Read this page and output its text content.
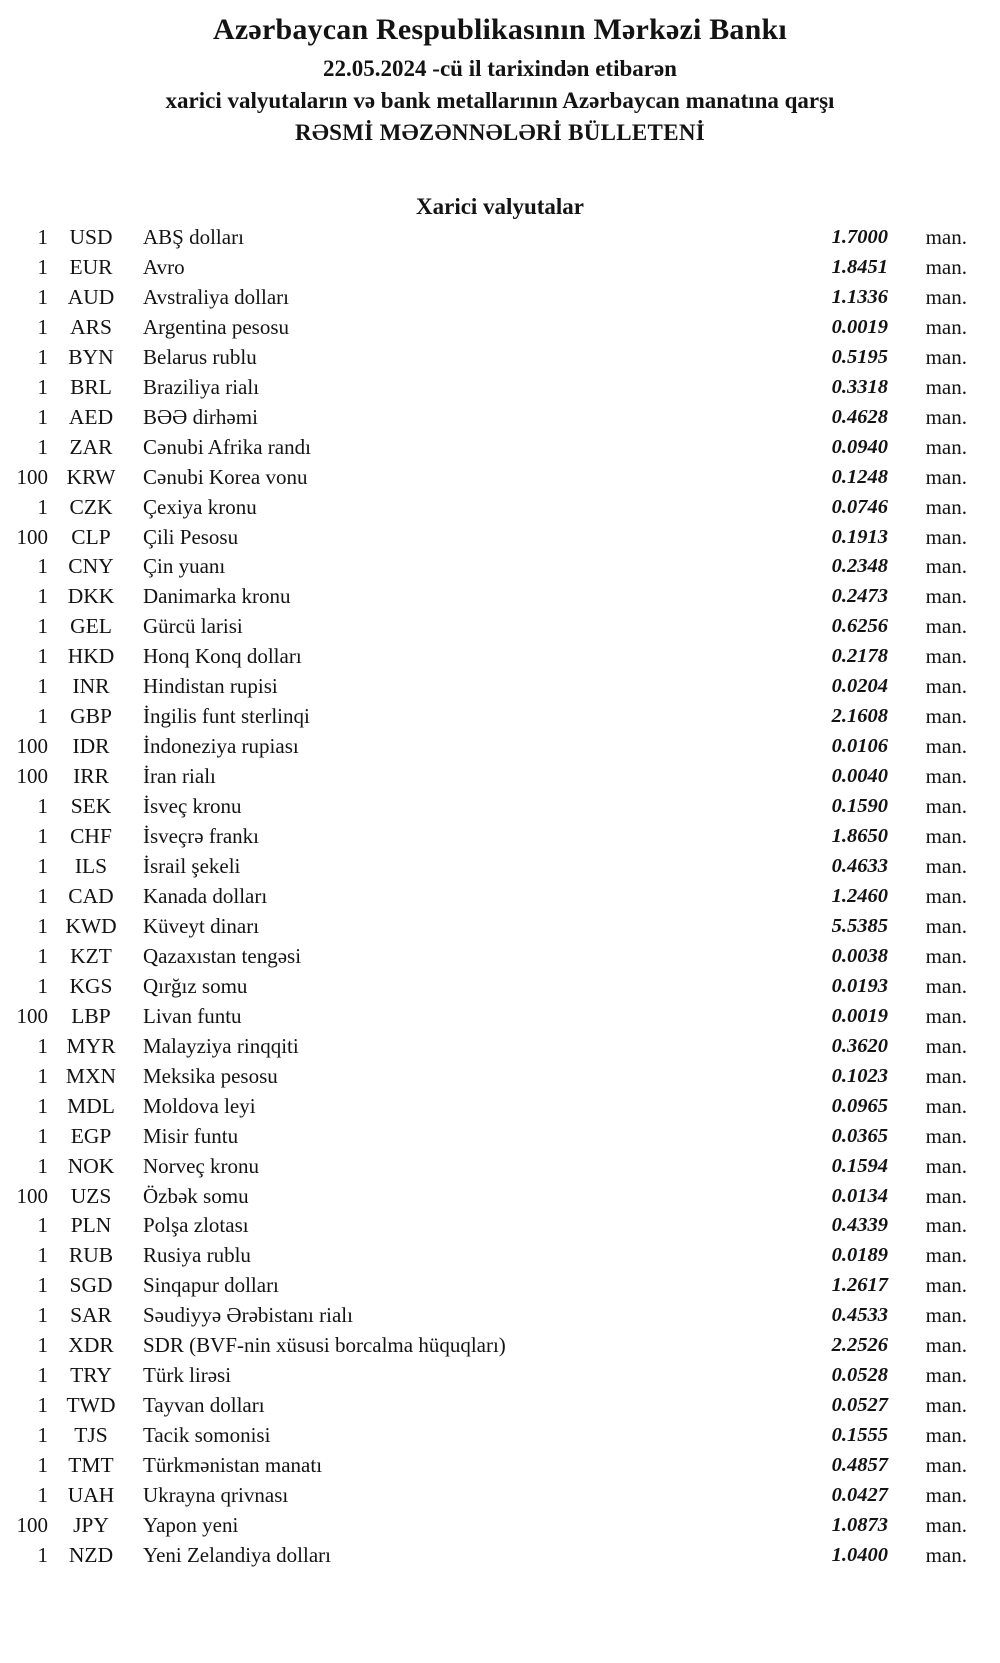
Azərbaycan Respublikasının Mərkəzi Bankı
22.05.2024 -cü il tarixindən etibarən
xarici valyutaların və bank metallarının Azərbaycan manatına qarşı
RƏSMİ MƏZƏNNƏLƏRİ BÜLLETENİ
Xarici valyutalar
1 USD	ABŞ dolları	1.7000	man.
1	EUR	Avro	1.8451	man.
1 AUD	Avstraliya dolları	1.1336	man.
1	ARS	Argentina pesosu	0.0019	man.
1 BYN	Belarus rublu	0.5195	man.
1	BRL	Braziliya rialı	0.3318	man.
1 AED	BƏƏ dirhəmi	0.4628	man.
1	ZAR	Cənubi Afrika randı	0.0940	man.
100 KRW	Cənubi Korea vonu	0.1248	man.
1	CZK	Çexiya kronu	0.0746	man.
100	CLP	Çili Pesosu	0.1913	man.
1 CNY	Çin yuanı	0.2348	man.
1 DKK	Danimarka kronu	0.2473	man.
1	GEL	Gürcü larisi	0.6256	man.
1 HKD	Honq Konq dolları	0.2178	man.
1	INR	Hindistan rupisi	0.0204	man.
1	GBP	İngilis funt sterlinqi	2.1608	man.
100	IDR	İndoneziya rupiası	0.0106	man.
100	IRR	İran rialı	0.0040	man.
1	SEK	İsveç kronu	0.1590	man.
1	CHF	İsveçrə frankı	1.8650	man.
1	ILS	İsrail şekeli	0.4633	man.
1 CAD	Kanada dolları	1.2460	man.
1 KWD	Küveyt dinarı	5.5385	man.
1	KZT	Qazaxıstan tengəsi	0.0038	man.
1 KGS	Qırğız somu	0.0193	man.
100	LBP	Livan funtu	0.0019	man.
1 MYR	Malayziya rinqqiti	0.3620	man.
1 MXN	Meksika pesosu	0.1023	man.
1 MDL	Moldova leyi	0.0965	man.
1	EGP	Misir funtu	0.0365	man.
1 NOK	Norveç kronu	0.1594	man.
100	UZS	Özbək somu	0.0134	man.
1	PLN	Polşa zlotası	0.4339	man.
1 RUB	Rusiya rublu	0.0189	man.
1 SGD	Sinqapur dolları	1.2617	man.
1	SAR	Səudiyyə Ərəbistanı rialı	0.4533	man.
1 XDR	SDR (BVF-nin xüsusi borcalma hüquqları)	2.2526	man.
1	TRY	Türk lirəsi	0.0528	man.
1 TWD	Tayvan dolları	0.0527	man.
1	TJS	Tacik somonisi	0.1555	man.
1 TMT	Türkmənistan manatı	0.4857	man.
1 UAH	Ukrayna qrivnası	0.0427	man.
100	JPY	Yapon yeni	1.0873	man.
1 NZD	Yeni Zelandiya dolları	1.0400	man.
